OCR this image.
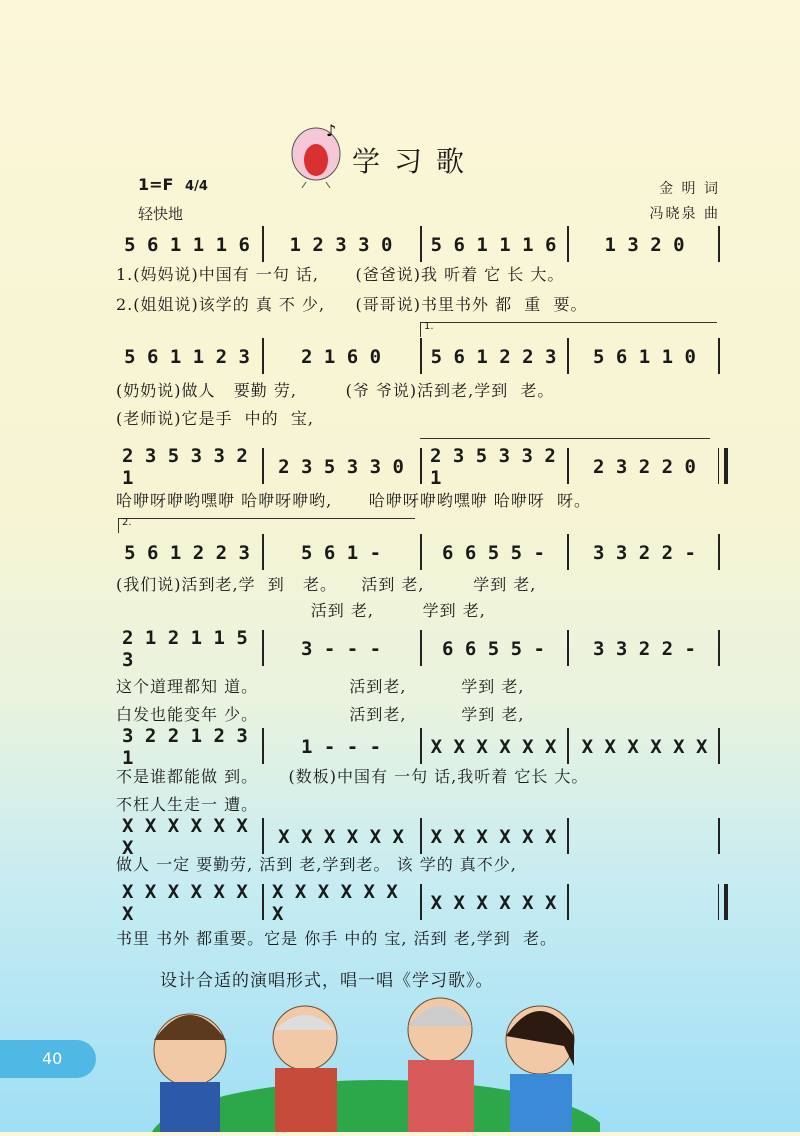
学习歌
♪
1=F 4/4
轻快地
金 明 词
冯晓泉 曲
5 6 1 1 1 6	1 2 3 3 0	5 6 1 1 1 6	1 3 2 0
5 6 1 1 2 3	2 1 6 0	5 6 1 2 2 3	5 6 1 1 0
2 3 5 3 3 2 1	2 3 5 3 3 0	2 3 5 3 3 2 1	2 3 2 2 0
5 6 1 2 2 3	5 6 1 -	6 6 5 5 -	3 3 2 2 -
2 1 2 1 1 5 3	3 - - -	6 6 5 5 -	3 3 2 2 -
3 2 2 1 2 3 1	1 - - -	X X X X X X X X X X X X
X X X X X X X	X X X X X X	X X X X X X
X X X X X X X
X X X X X X X	X X X X X X
1.
2.
1.(妈妈说)中国有 一句 话,      (爸爸说)我 听着 它 长 大。
2.(姐姐说)该学的 真 不 少,     (哥哥说)书里书外 都  重  要。
(奶奶说)做人   要勤 劳,        (爷 爷说)活到老,学到  老。
(老师说)它是手  中的  宝,
哈咿呀咿哟嘿咿 哈咿呀咿哟,      哈咿呀咿哟嘿咿 哈咿呀  呀。
(我们说)活到老,学  到   老。    活到 老,        学到 老,
活到 老,        学到 老,
这个道理都知 道。               活到老,         学到 老,
白发也能变年 少。               活到老,         学到 老,
不是谁都能做 到。     (数板)中国有 一句 话,我听着 它长 大。
不枉人生走一 遭。
做人 一定 要勤劳, 活到 老,学到老。 该 学的 真不少,
书里 书外 都重要。它是 你手 中的 宝, 活到 老,学到  老。
设计合适的演唱形式，唱一唱《学习歌》。
40
